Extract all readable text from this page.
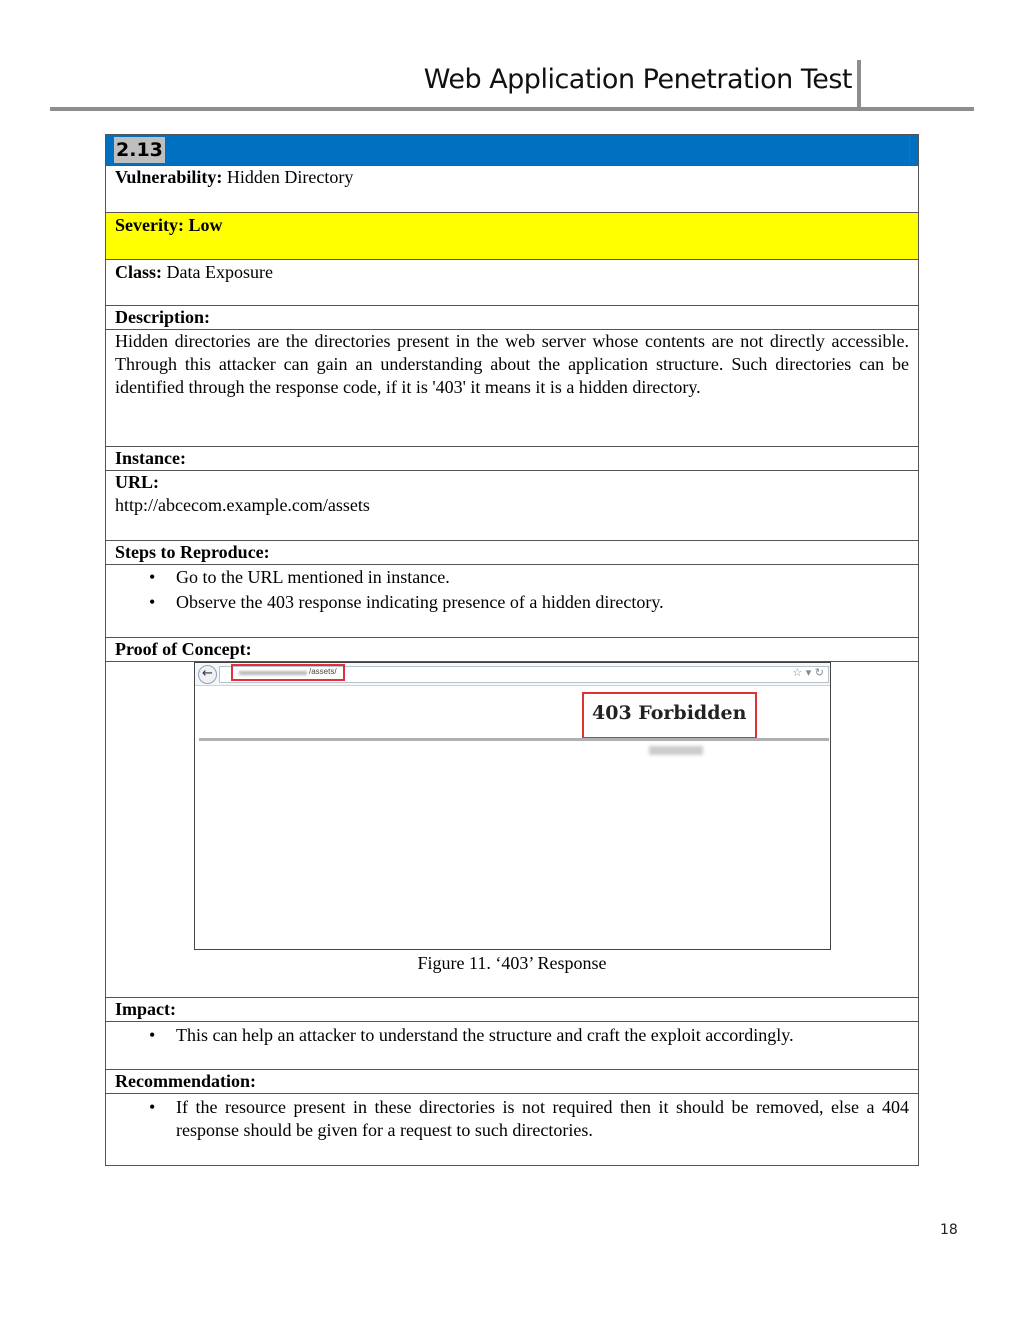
Web Application Penetration Test
2.13
Vulnerability: Hidden Directory
Severity: Low
Class: Data Exposure
Description:
Hidden directories are the directories present in the web server whose contents are not directly accessible. Through this attacker can gain an understanding about the application structure. Such directories can be identified through the response code, if it is '403' it means it is a hidden directory.
Instance:
URL:
http://abcecom.example.com/assets
Steps to Reproduce:
• Go to the URL mentioned in instance.
• Observe the 403 response indicating presence of a hidden directory.
Proof of Concept:
←	/assets/	☆ ▾ ↻
403 Forbidden
Figure 11. ‘403’ Response
Impact:
• This can help an attacker to understand the structure and craft the exploit accordingly.
Recommendation:
• If the resource present in these directories is not required then it should be removed, else a 404 response should be given for a request to such directories.
18
